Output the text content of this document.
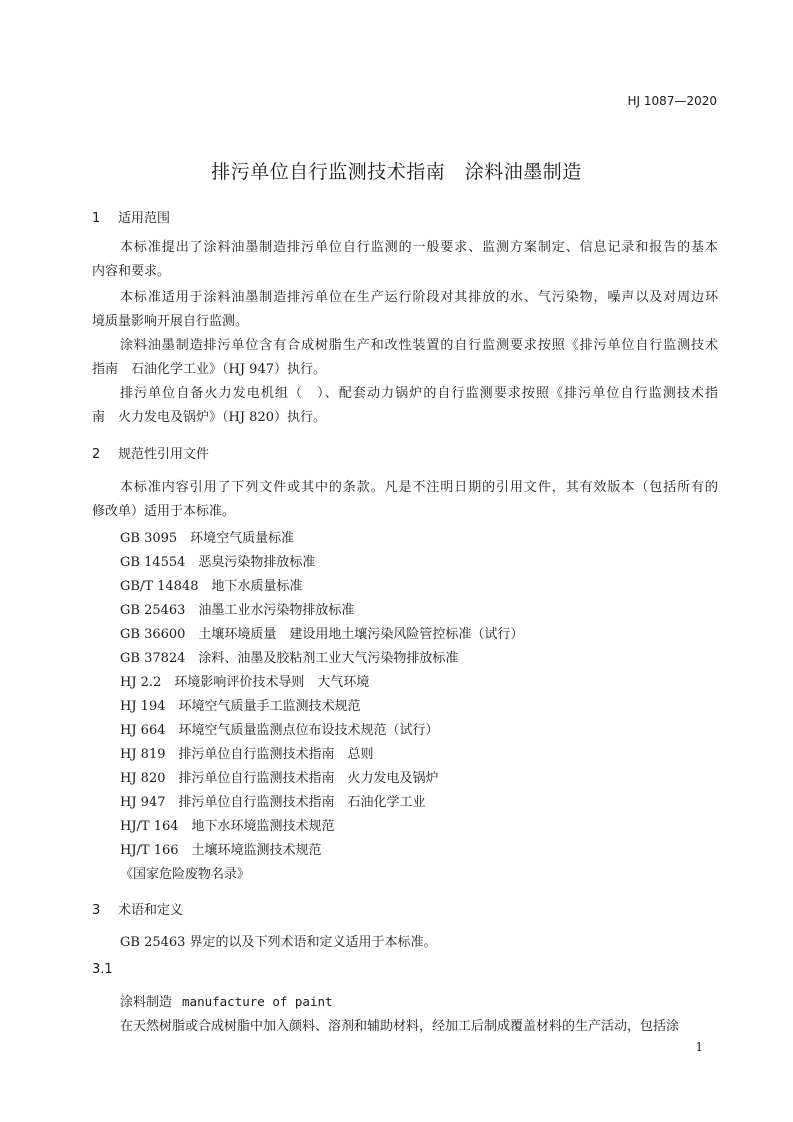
HJ 1087—2020
排污单位自行监测技术指南　涂料油墨制造
1 适用范围
本标准提出了涂料油墨制造排污单位自行监测的一般要求、监测方案制定、信息记录和报告的基本
内容和要求。
本标准适用于涂料油墨制造排污单位在生产运行阶段对其排放的水、气污染物，噪声以及对周边环
境质量影响开展自行监测。
涂料油墨制造排污单位含有合成树脂生产和改性装置的自行监测要求按照《排污单位自行监测技术
指南　石油化学工业》（HJ 947）执行。
排污单位自备火力发电机组（　）、配套动力锅炉的自行监测要求按照《排污单位自行监测技术指
南　火力发电及锅炉》（HJ 820）执行。
2 规范性引用文件
本标准内容引用了下列文件或其中的条款。凡是不注明日期的引用文件，其有效版本（包括所有的
修改单）适用于本标准。
GB 3095　环境空气质量标准
GB 14554　恶臭污染物排放标准
GB/T 14848　地下水质量标准
GB 25463　油墨工业水污染物排放标准
GB 36600　土壤环境质量　建设用地土壤污染风险管控标准（试行）
GB 37824　涂料、油墨及胶粘剂工业大气污染物排放标准
HJ 2.2　环境影响评价技术导则　大气环境
HJ 194　环境空气质量手工监测技术规范
HJ 664　环境空气质量监测点位布设技术规范（试行）
HJ 819　排污单位自行监测技术指南　总则
HJ 820　排污单位自行监测技术指南　火力发电及锅炉
HJ 947　排污单位自行监测技术指南　石油化学工业
HJ/T 164　地下水环境监测技术规范
HJ/T 166　土壤环境监测技术规范
《国家危险废物名录》
3 术语和定义
GB 25463 界定的以及下列术语和定义适用于本标准。
3.1
涂料制造 manufacture of paint
在天然树脂或合成树脂中加入颜料、溶剂和辅助材料，经加工后制成覆盖材料的生产活动，包括涂
1
